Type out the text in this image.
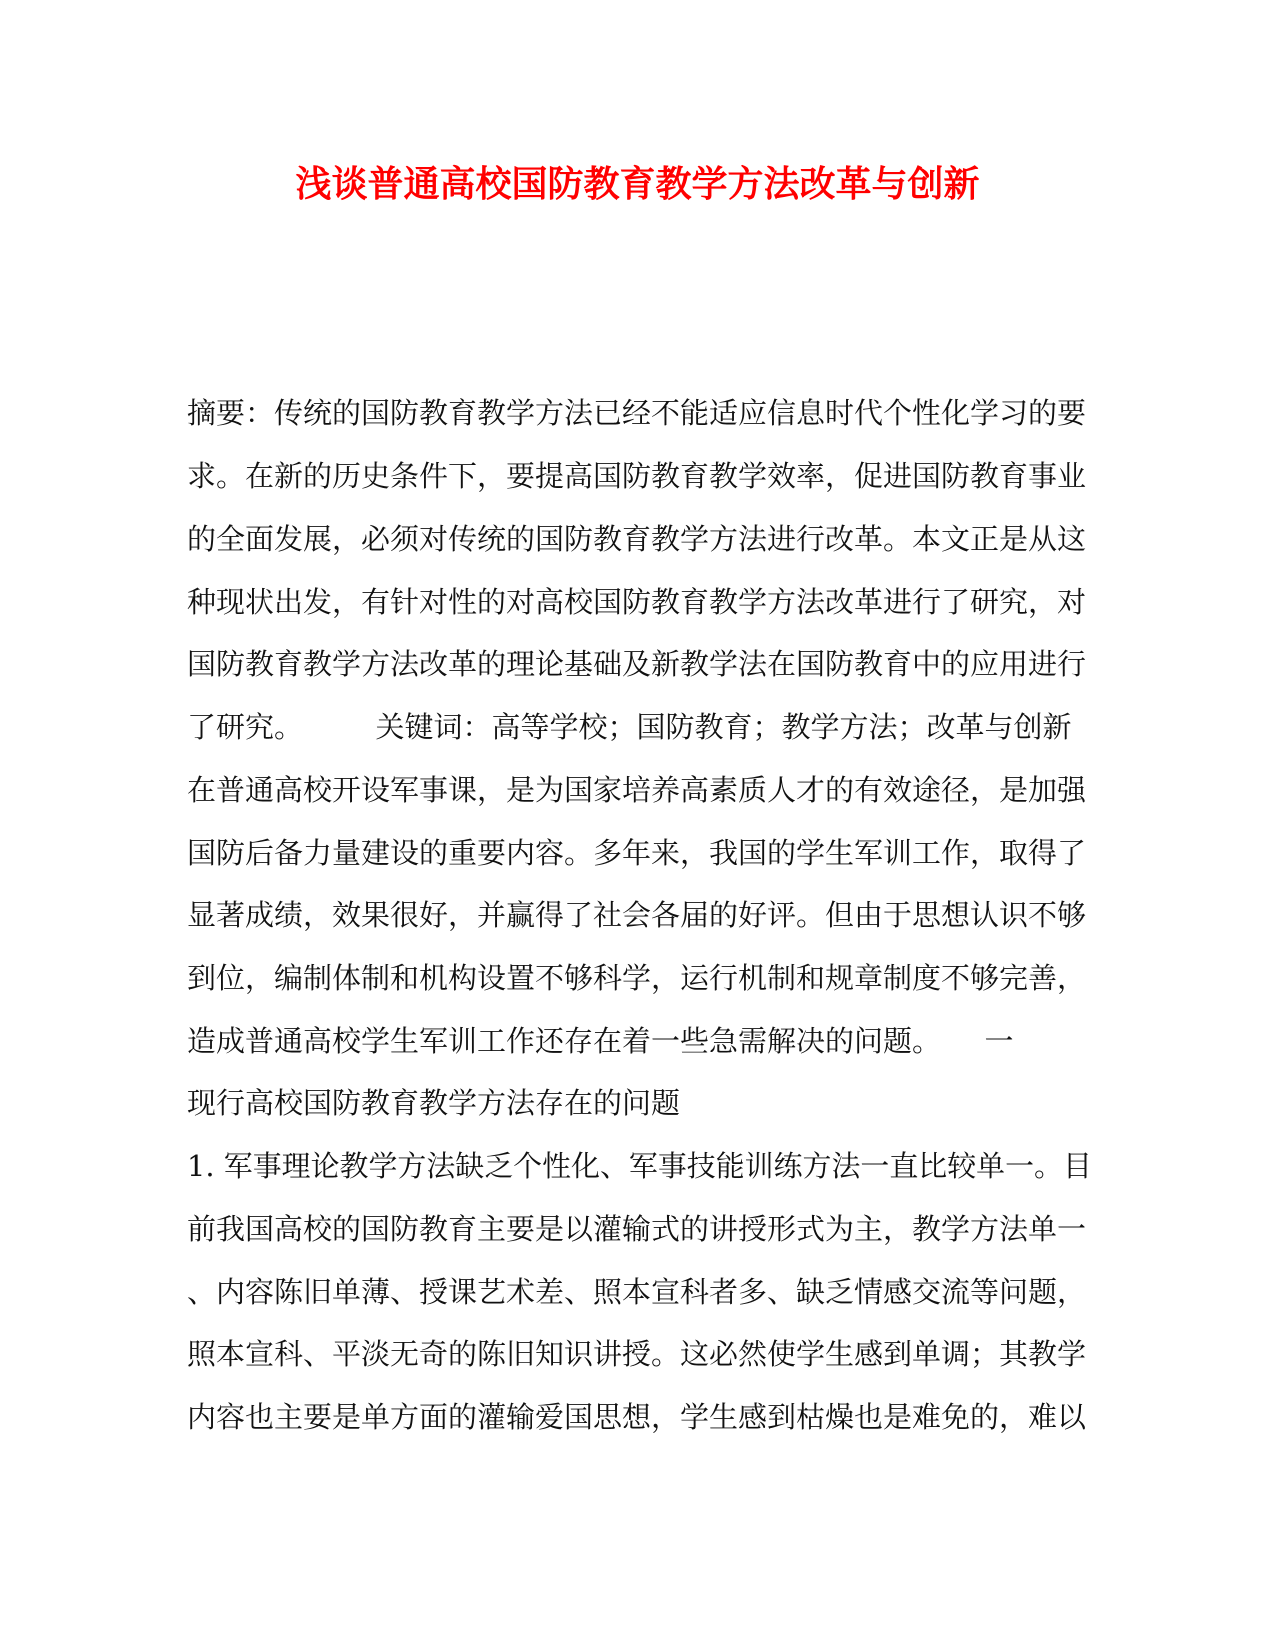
浅谈普通高校国防教育教学方法改革与创新

摘要：传统的国防教育教学方法已经不能适应信息时代个性化学习的要

求。在新的历史条件下，要提高国防教育教学效率，促进国防教育事业

的全面发展，必须对传统的国防教育教学方法进行改革。本文正是从这

种现状出发，有针对性的对高校国防教育教学方法改革进行了研究，对

国防教育教学方法改革的理论基础及新教学法在国防教育中的应用进行

了研究。　　　关键词：高等学校；国防教育；教学方法；改革与创新

在普通高校开设军事课，是为国家培养高素质人才的有效途径，是加强

国防后备力量建设的重要内容。多年来，我国的学生军训工作，取得了

显著成绩，效果很好，并赢得了社会各届的好评。但由于思想认识不够

到位，编制体制和机构设置不够科学，运行机制和规章制度不够完善，

造成普通高校学生军训工作还存在着一些急需解决的问题。　　一

现行高校国防教育教学方法存在的问题

1. 军事理论教学方法缺乏个性化、军事技能训练方法一直比较单一。目

前我国高校的国防教育主要是以灌输式的讲授形式为主，教学方法单一

、内容陈旧单薄、授课艺术差、照本宣科者多、缺乏情感交流等问题，

照本宣科、平淡无奇的陈旧知识讲授。这必然使学生感到单调；其教学

内容也主要是单方面的灌输爱国思想，学生感到枯燥也是难免的，难以
